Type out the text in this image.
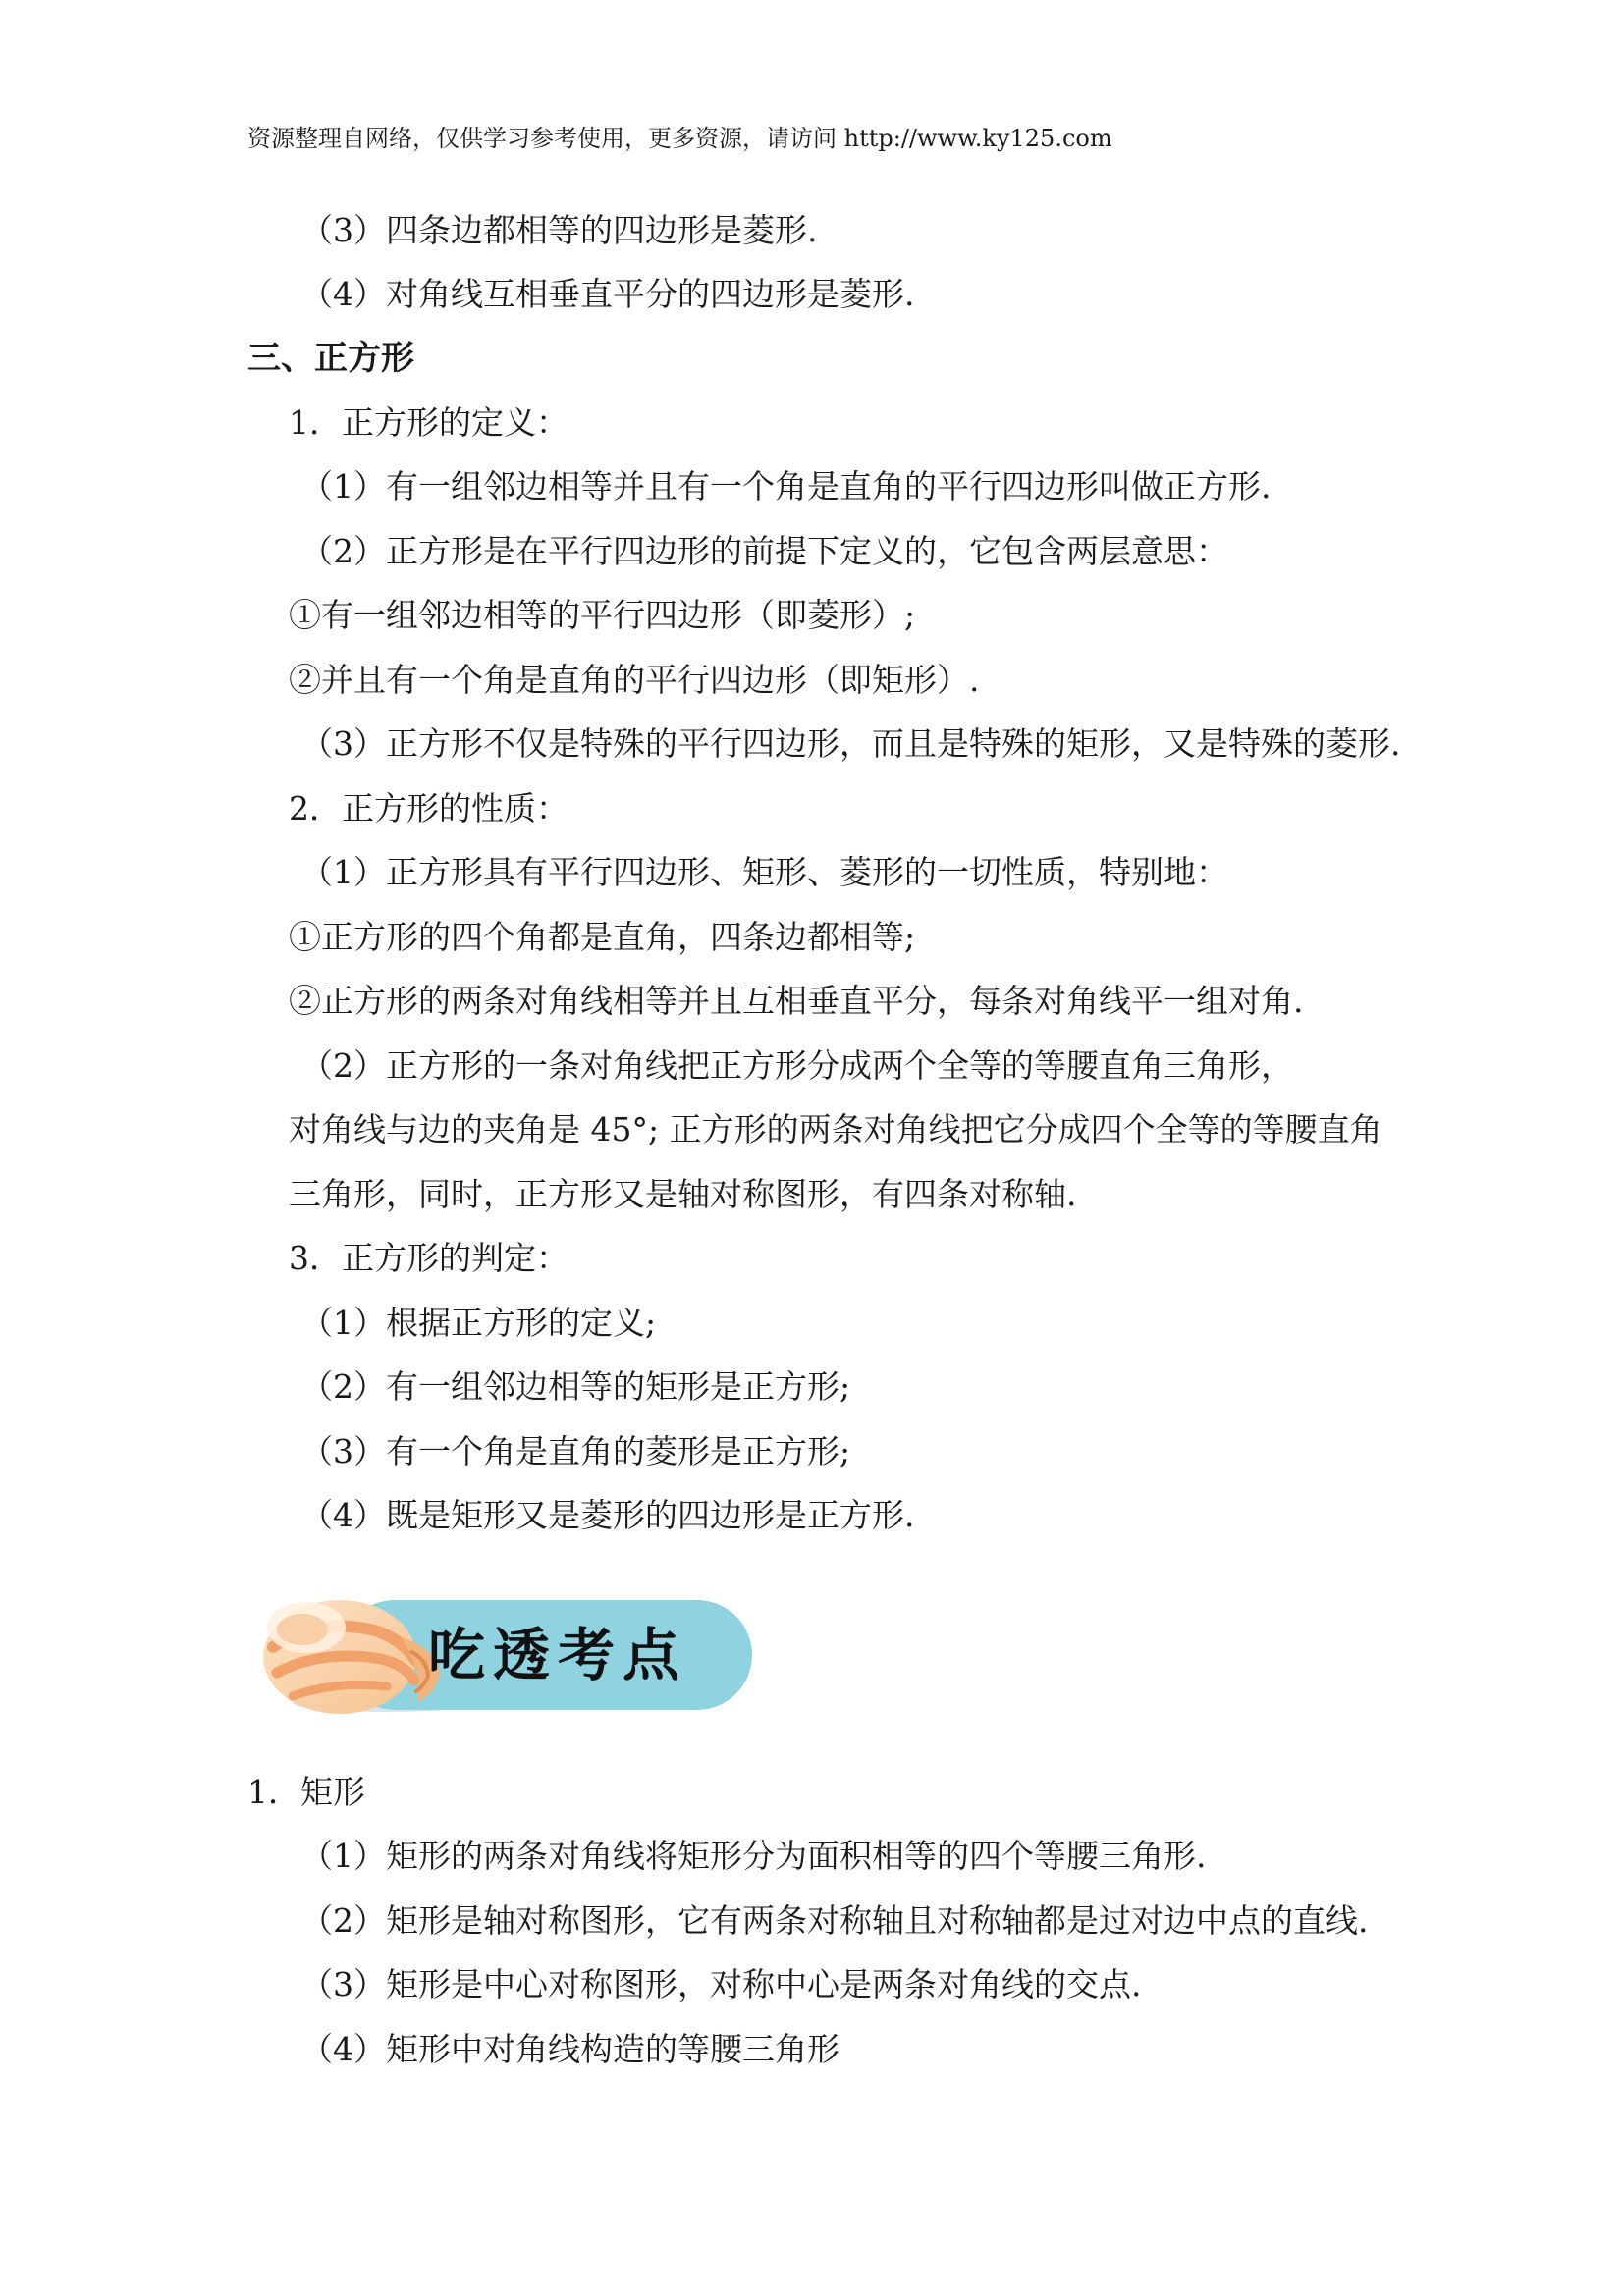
资源整理自网络，仅供学习参考使用，更多资源，请访问 http://www.ky125.com
（3）四条边都相等的四边形是菱形.
（4）对角线互相垂直平分的四边形是菱形.
三、正方形
1．正方形的定义：
（1）有一组邻边相等并且有一个角是直角的平行四边形叫做正方形.
（2）正方形是在平行四边形的前提下定义的，它包含两层意思：
①有一组邻边相等的平行四边形（即菱形）;
②并且有一个角是直角的平行四边形（即矩形）.
（3）正方形不仅是特殊的平行四边形，而且是特殊的矩形，又是特殊的菱形.
2．正方形的性质：
（1）正方形具有平行四边形、矩形、菱形的一切性质，特别地：
①正方形的四个角都是直角，四条边都相等;
②正方形的两条对角线相等并且互相垂直平分，每条对角线平一组对角.
（2）正方形的一条对角线把正方形分成两个全等的等腰直角三角形，
对角线与边的夹角是 45°; 正方形的两条对角线把它分成四个全等的等腰直角
三角形，同时，正方形又是轴对称图形，有四条对称轴.
3．正方形的判定：
（1）根据正方形的定义;
（2）有一组邻边相等的矩形是正方形;
（3）有一个角是直角的菱形是正方形;
（4）既是矩形又是菱形的四边形是正方形.
吃透考点
1．矩形
（1）矩形的两条对角线将矩形分为面积相等的四个等腰三角形.
（2）矩形是轴对称图形，它有两条对称轴且对称轴都是过对边中点的直线.
（3）矩形是中心对称图形，对称中心是两条对角线的交点.
（4）矩形中对角线构造的等腰三角形
